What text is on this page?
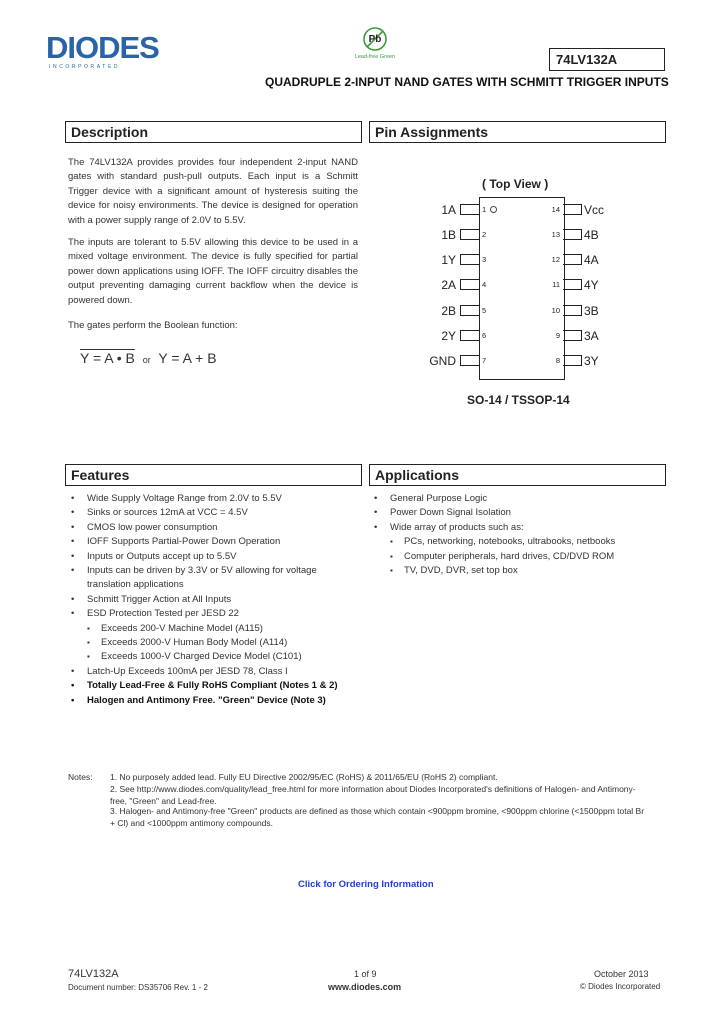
DIODES
INCORPORATED
Pb
Lead-free Green	74LV132A
QUADRUPLE 2-INPUT NAND GATES WITH SCHMITT TRIGGER INPUTS
Description
The 74LV132A provides provides four independent 2-input NAND gates with standard push-pull outputs. Each input is a Schmitt Trigger device with a significant amount of hysteresis suiting the device for noisy environments. The device is designed for operation with a power supply range of 2.0V to 5.5V.
The inputs are tolerant to 5.5V allowing this device to be used in a mixed voltage environment. The device is fully specified for partial power down applications using IOFF. The IOFF circuitry disables the output preventing damaging current backflow when the device is powered down.
The gates perform the Boolean function:
Y = A • B or Y = A + B
Pin Assignments
( Top View )
1A	1
1B	2
1Y	3
2A	4
2B	5
2Y	6
GND	7
14 Vcc
13 4B
12 4A
11 4Y
10 3B
9 3A
8 3Y
SO-14 / TSSOP-14
Features
• Wide Supply Voltage Range from 2.0V to 5.5V
• Sinks or sources 12mA at VCC = 4.5V
• CMOS low power consumption
• IOFF Supports Partial-Power Down Operation
• Inputs or Outputs accept up to 5.5V
• Inputs can be driven by 3.3V or 5V allowing for voltage translation applications
• Schmitt Trigger Action at All Inputs
• ESD Protection Tested per JESD 22
▪ Exceeds 200-V Machine Model (A115)
▪ Exceeds 2000-V Human Body Model (A114)
▪ Exceeds 1000-V Charged Device Model (C101)
• Latch-Up Exceeds 100mA per JESD 78, Class I
• Totally Lead-Free & Fully RoHS Compliant (Notes 1 & 2)
• Halogen and Antimony Free. "Green" Device (Note 3)
Applications
• General Purpose Logic
• Power Down Signal Isolation
• Wide array of products such as:
▪ PCs, networking, notebooks, ultrabooks, netbooks
▪ Computer peripherals, hard drives, CD/DVD ROM
▪ TV, DVD, DVR, set top box
Notes: 1. No purposely added lead. Fully EU Directive 2002/95/EC (RoHS) & 2011/65/EU (RoHS 2) compliant.
2. See http://www.diodes.com/quality/lead_free.html for more information about Diodes Incorporated's definitions of Halogen- and Antimony-free, "Green" and Lead-free.
3. Halogen- and Antimony-free "Green" products are defined as those which contain <900ppm bromine, <900ppm chlorine (<1500ppm total Br + Cl) and <1000ppm antimony compounds.
Click for Ordering Information
74LV132A
Document number: DS35706 Rev. 1 - 2
1 of 9
www.diodes.com
October 2013
© Diodes Incorporated
